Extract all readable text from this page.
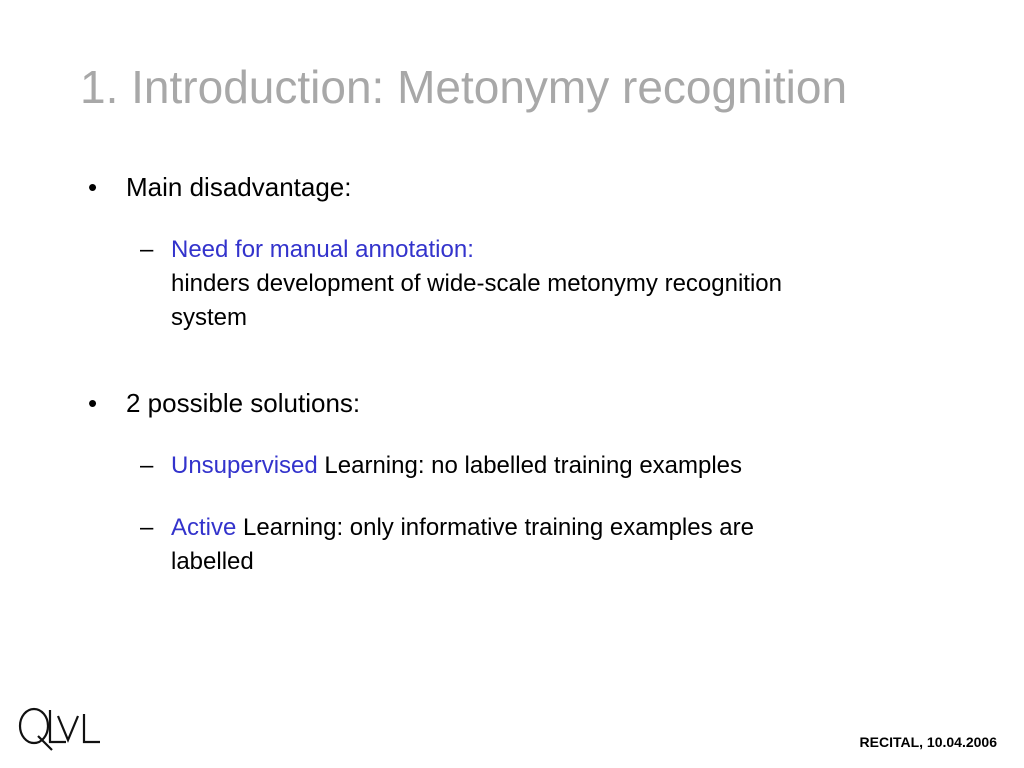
1. Introduction: Metonymy recognition
• Main disadvantage:
– Need for manual annotation:
hinders development of wide-scale metonymy recognition
system
• 2 possible solutions:
– Unsupervised Learning: no labelled training examples
– Active Learning: only informative training examples are
labelled
RECITAL, 10.04.2006
